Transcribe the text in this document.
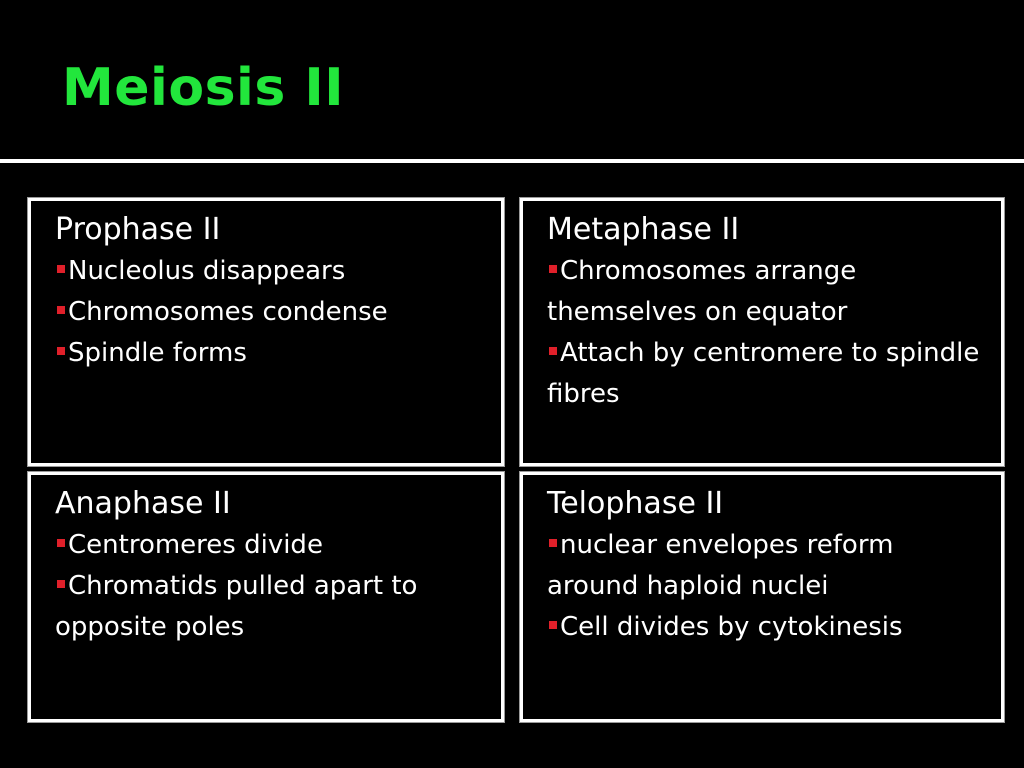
Meiosis II
Prophase II
Nucleolus disappears
Chromosomes condense
Spindle forms
Metaphase II
Chromosomes arrange themselves on equator
Attach by centromere to spindle fibres
Anaphase II
Centromeres divide
Chromatids pulled apart to opposite poles
Telophase II
nuclear envelopes reform around haploid nuclei
Cell divides by cytokinesis
